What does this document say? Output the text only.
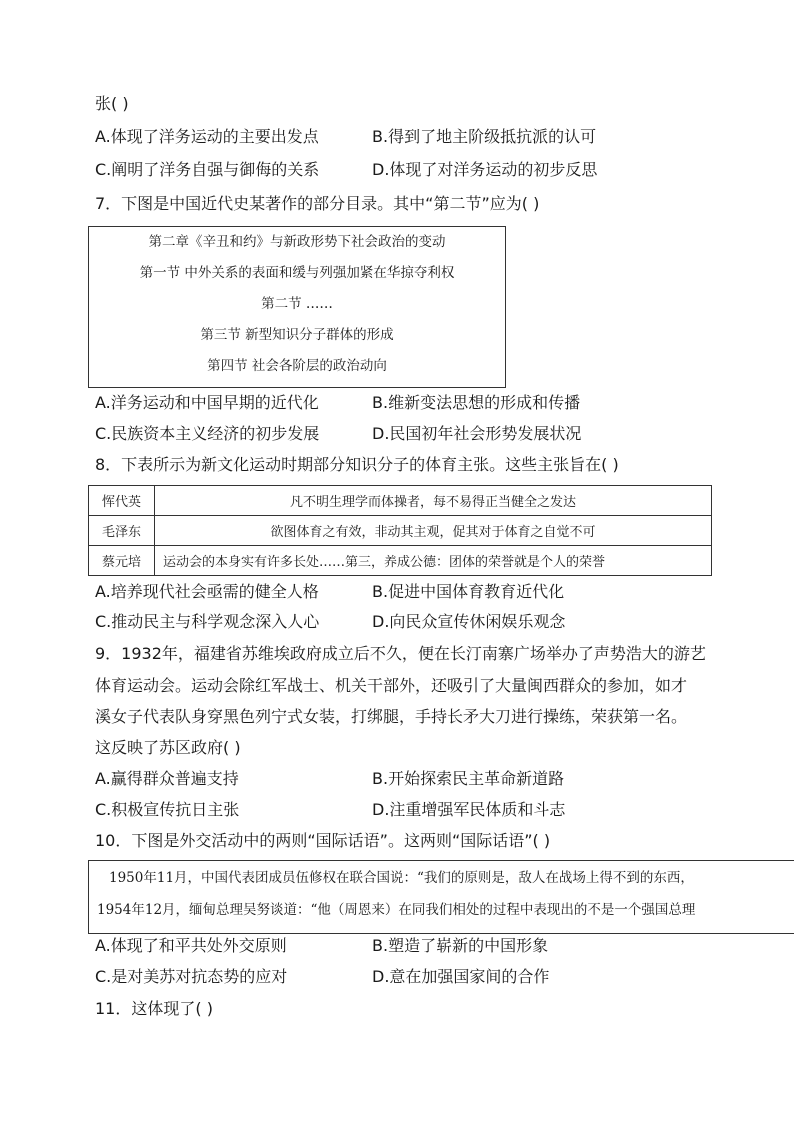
张( )
A.体现了洋务运动的主要出发点	B.得到了地主阶级抵抗派的认可
C.阐明了洋务自强与御侮的关系	D.体现了对洋务运动的初步反思
7．下图是中国近代史某著作的部分目录。其中“第二节”应为( )
第二章《辛丑和约》与新政形势下社会政治的变动
第一节 中外关系的表面和缓与列强加紧在华掠夺利权
第二节 ……
第三节 新型知识分子群体的形成
第四节 社会各阶层的政治动向
A.洋务运动和中国早期的近代化	B.维新变法思想的形成和传播
C.民族资本主义经济的初步发展	D.民国初年社会形势发展状况
8．下表所示为新文化运动时期部分知识分子的体育主张。这些主张旨在( )
恽代英	凡不明生理学而体操者，每不易得正当健全之发达
毛泽东	欲图体育之有效，非动其主观，促其对于体育之自觉不可
蔡元培	运动会的本身实有许多长处……第三，养成公德：团体的荣誉就是个人的荣誉
A.培养现代社会亟需的健全人格	B.促进中国体育教育近代化
C.推动民主与科学观念深入人心	D.向民众宣传休闲娱乐观念
9．1932年，福建省苏维埃政府成立后不久，便在长汀南寨广场举办了声势浩大的游艺
体育运动会。运动会除红军战士、机关干部外，还吸引了大量闽西群众的参加，如才
溪女子代表队身穿黑色列宁式女装，打绑腿，手持长矛大刀进行操练，荣获第一名。
这反映了苏区政府( )
A.赢得群众普遍支持	B.开始探索民主革命新道路
C.积极宣传抗日主张	D.注重增强军民体质和斗志
10．下图是外交活动中的两则“国际话语”。这两则“国际话语”( )
1950年11月，中国代表团成员伍修权在联合国说：“我们的原则是，敌人在战场上得不到的东西，
1954年12月，缅甸总理吴努谈道：“他（周恩来）在同我们相处的过程中表现出的不是一个强国总理
A.体现了和平共处外交原则	B.塑造了崭新的中国形象
C.是对美苏对抗态势的应对	D.意在加强国家间的合作
11．这体现了( )
